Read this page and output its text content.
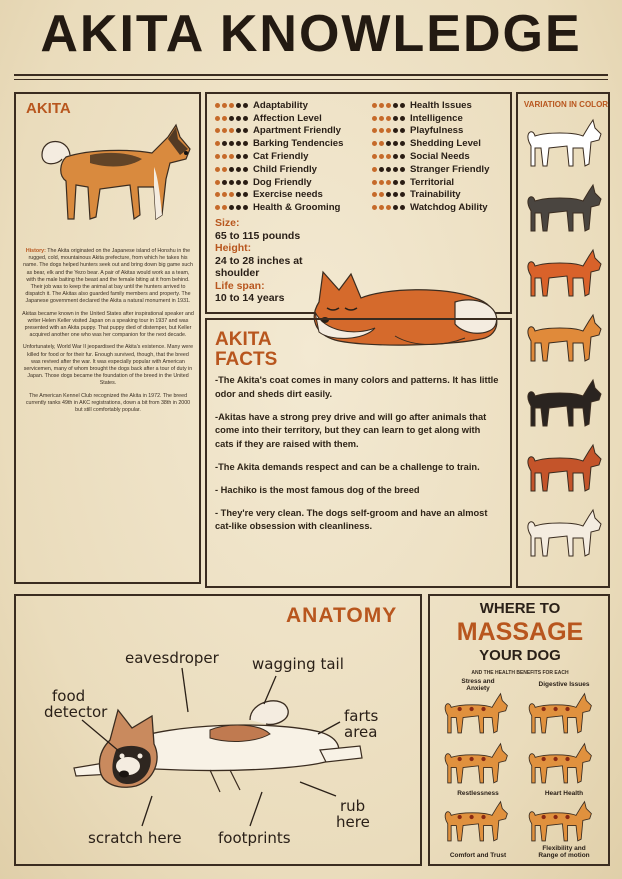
AKITA KNOWLEDGE
AKITA

History: The Akita originated on the Japanese island of Honshu in the rugged, cold, mountainous Akita prefecture, from which he takes his name. The dogs helped hunters seek out and bring down big game such as bear, elk and the Yezo bear. A pair of Akitas would work as a team, with the male baiting the beast and the female biting at it from behind. Their job was to keep the animal at bay until the hunters arrived to dispatch it. The Akitas also guarded family members and property. The Japanese government declared the Akita a natural monument in 1931.

Akitas became known in the United States after inspirational speaker and writer Helen Keller visited Japan on a speaking tour in 1937 and was presented with an Akita puppy. That puppy died of distemper, but Keller acquired another one who was her companion for the next decade.

Unfortunately, World War II jeopardised the Akita's existence. Many were killed for food or for their fur. Enough survived, though, that the breed was revived after the war. It was especially popular with American servicemen, many of whom brought the dogs back after a tour of duty in Japan. Those dogs became the foundation of the breed in the United States.

The American Kennel Club recognized the Akita in 1972. The breed currently ranks 49th in AKC registrations, down a bit from 38th in 2000 but still comfortably popular.

Adaptability
Affection Level
Apartment Friendly
Barking Tendencies
Cat Friendly
Child Friendly
Dog Friendly
Exercise needs
Health & Grooming
Health Issues
Intelligence
Playfulness
Shedding Level
Social Needs
Stranger Friendly
Territorial
Trainability
Watchdog Ability
Size:
65 to 115 pounds
Height:
24 to 28 inches at
shoulder
Life span:
10 to 14 years
AKITA
FACTS

-The Akita's coat comes in many colors and patterns. It has little odor and sheds dirt easily.

-Akitas have a strong prey drive and will go after animals that come into their territory, but they can learn to get along with cats if they are raised with them.

-The Akita demands respect and can be a challenge to train.

- Hachiko is the most famous dog of the breed

- They're very clean. The dogs self-groom and have an almost cat-like obsession with cleanliness.

VARIATION IN COLOR
ANATOMY
eavesdroper wagging tail
food
detector	farts
area
rub
here
scratch here footprints
WHERE TO
MASSAGE
YOUR DOG
AND THE HEALTH BENEFITS FOR EACH
Stress and
Anxiety
Digestive Issues
Restlessness	Heart Health
Comfort and Trust
Flexibility and
Range of motion
